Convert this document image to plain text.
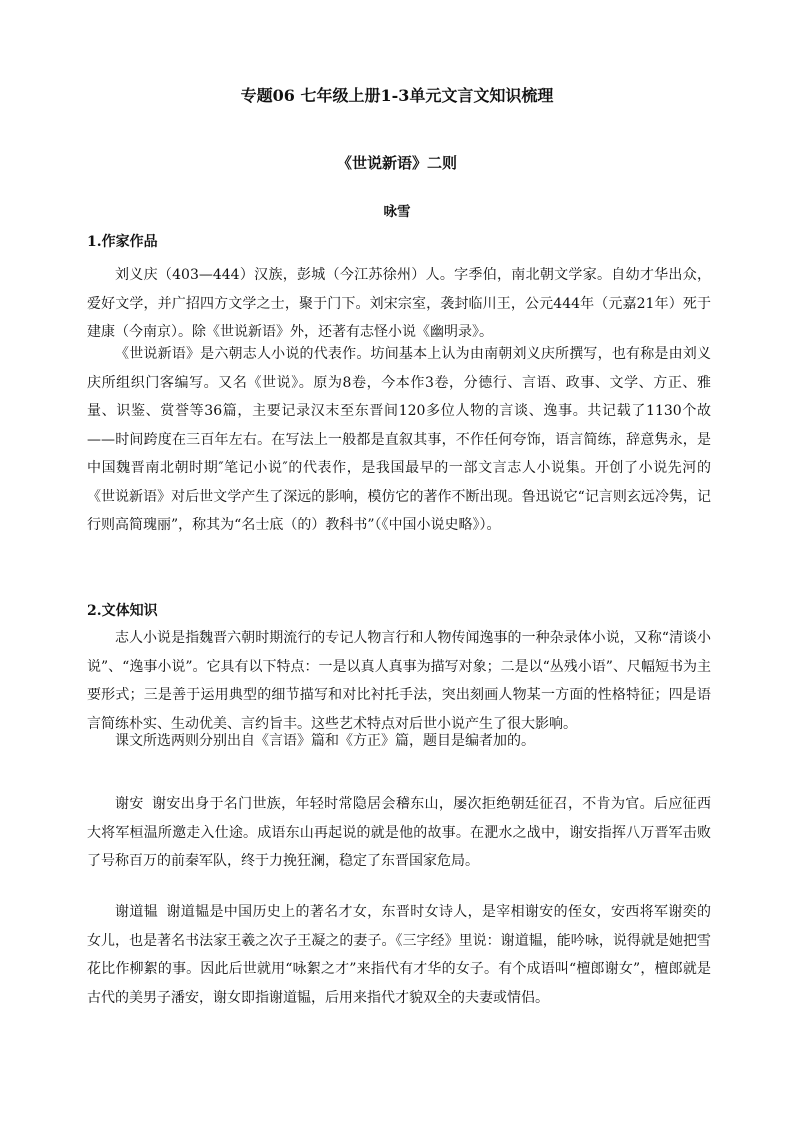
专题06 七年级上册1-3单元文言文知识梳理
《世说新语》二则
咏雪
1.作家作品

刘义庆（403—444）汉族，彭城（今江苏徐州）人。字季伯，南北朝文学家。自幼才华出众，爱好文学，并广招四方文学之士，聚于门下。刘宋宗室，袭封临川王，公元444年（元嘉21年）死于建康（今南京）。除《世说新语》外，还著有志怪小说《幽明录》。

《世说新语》是六朝志人小说的代表作。坊间基本上认为由南朝刘义庆所撰写，也有称是由刘义庆所组织门客编写。又名《世说》。原为8卷，今本作3卷，分德行、言语、政事、文学、方正、雅量、识鉴、赏誉等36篇，主要记录汉末至东晋间120多位人物的言谈、逸事。共记载了1130个故——时间跨度在三百年左右。在写法上一般都是直叙其事，不作任何夸饰，语言简练，辞意隽永，是中国魏晋南北朝时期″笔记小说″的代表作，是我国最早的一部文言志人小说集。开创了小说先河的《世说新语》对后世文学产生了深远的影响，模仿它的著作不断出现。鲁迅说它“记言则玄远冷隽，记行则高简瑰丽”，称其为“名士底（的）教科书”（《中国小说史略》）。

2.文体知识

志人小说是指魏晋六朝时期流行的专记人物言行和人物传闻逸事的一种杂录体小说，又称“清谈小说”、“逸事小说”。它具有以下特点：一是以真人真事为描写对象；二是以“丛残小语”、尺幅短书为主要形式；三是善于运用典型的细节描写和对比衬托手法，突出刻画人物某一方面的性格特征；四是语言简练朴实、生动优美、言约旨丰。这些艺术特点对后世小说产生了很大影响。

课文所选两则分别出自《言语》篇和《方正》篇，题目是编者加的。

谢安 谢安出身于名门世族，年轻时常隐居会稽东山，屡次拒绝朝廷征召，不肯为官。后应征西大将军桓温所邀走入仕途。成语东山再起说的就是他的故事。在淝水之战中，谢安指挥八万晋军击败了号称百万的前秦军队，终于力挽狂澜，稳定了东晋国家危局。

谢道韫 谢道韫是中国历史上的著名才女，东晋时女诗人，是宰相谢安的侄女，安西将军谢奕的女儿，也是著名书法家王羲之次子王凝之的妻子。《三字经》里说：谢道韫，能吟咏，说得就是她把雪花比作柳絮的事。因此后世就用“咏絮之才”来指代有才华的女子。有个成语叫“檀郎谢女”，檀郎就是古代的美男子潘安，谢女即指谢道韫，后用来指代才貌双全的夫妻或情侣。
